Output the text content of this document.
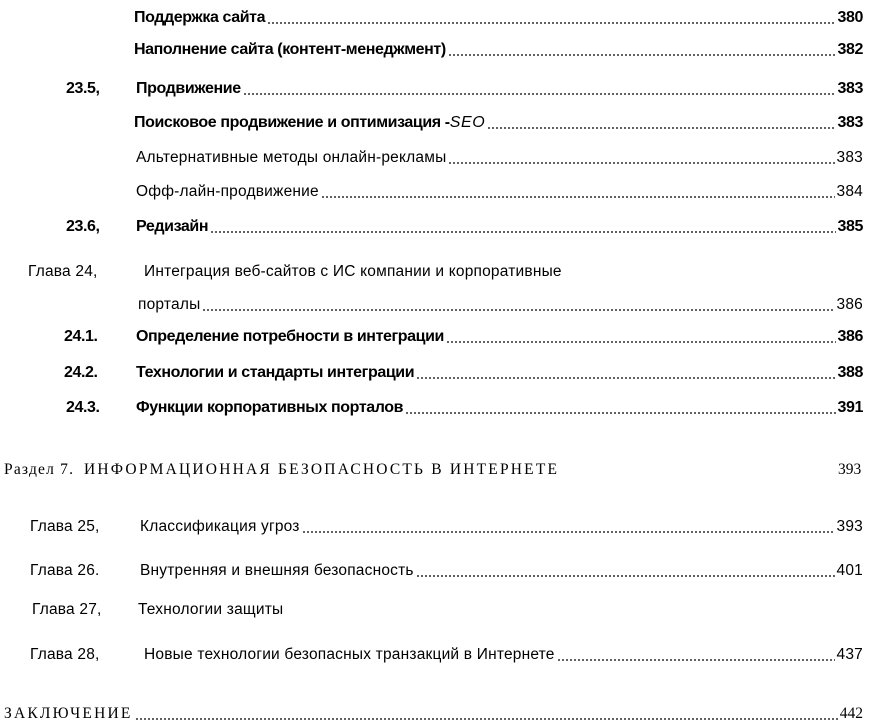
Поддержка сайта	380
Наполнение сайта (контент-менеджмент)	382
23.5, Продвижение	383
Поисковое продвижение и оптимизация - SEO	383
Альтернативные методы онлайн-рекламы	383
Офф-лайн-продвижение	384
23.6, Редизайн	385
Глава 24,	Интеграция веб-сайтов с ИС компании и корпоративные
порталы	386
24.1. Определение потребности в интеграции	386
24.2. Технологии и стандарты интеграции	388
24.3. Функции корпоративных порталов	391
Раздел 7. ИНФОРМАЦИОННАЯ БЕЗОПАСНОСТЬ В ИНТЕРНЕТЕ	393
Глава 25,	Классификация угроз	393
Глава 26.	Внутренняя и внешняя безопасность	401
Глава 27, Технологии защиты
Глава 28,	Новые технологии безопасных транзакций в Интернете	437
ЗАКЛЮЧЕНИЕ	442
